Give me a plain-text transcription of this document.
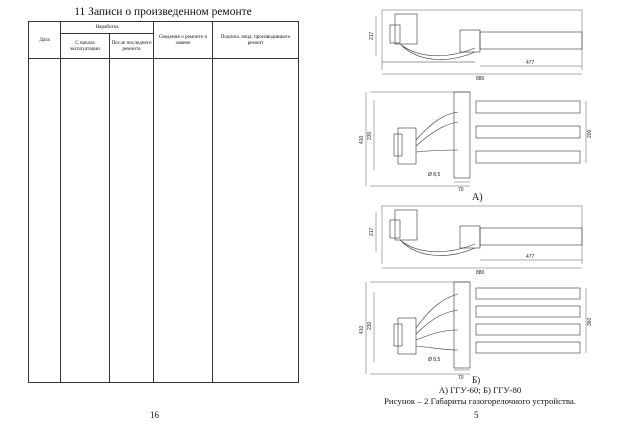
11 Записи о произведенном ремонте
Дата	Наработка		Сведения о ремонте и замене	Подпись лица, производившего ремонт
	С начала эксплуатации	После последнего ремонта		

16
217
477
880
410 230	200
Ø 8,5
70
217
477
880
410 230	360
Ø 8,5
70
А)
Б)
А) ГГУ-60; Б) ГГУ-80
Рисунок – 2 Габариты газогорелочного устройства.
5
